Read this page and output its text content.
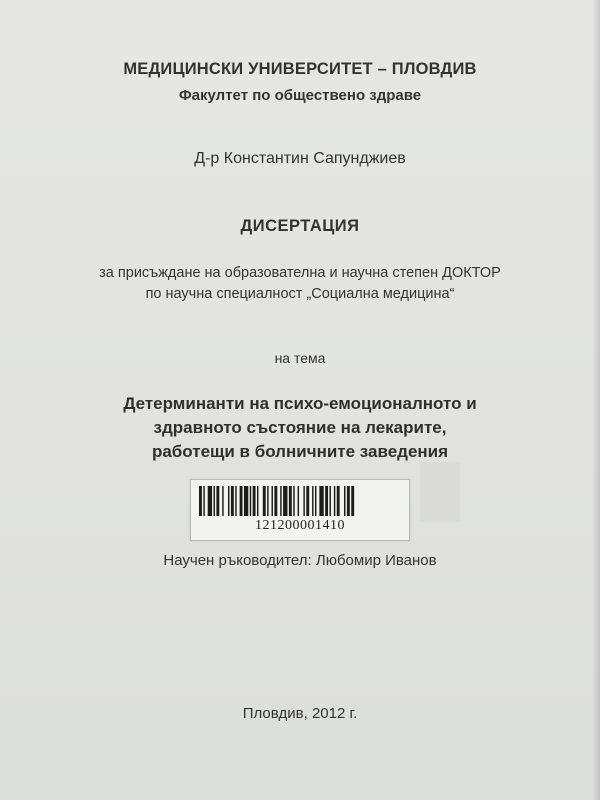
МЕДИЦИНСКИ УНИВЕРСИТЕТ – ПЛОВДИВ
Факултет по обществено здраве
Д-р Константин Сапунджиев
ДИСЕРТАЦИЯ
за присъждане на образователна и научна степен ДОКТОР
по научна специалност „Социална медицина“
на тема
Детерминанти на психо-емоционалното и
здравното състояние на лекарите,
работещи в болничните заведения
121200001410
Научен ръководител: Любомир Иванов
Пловдив, 2012 г.
